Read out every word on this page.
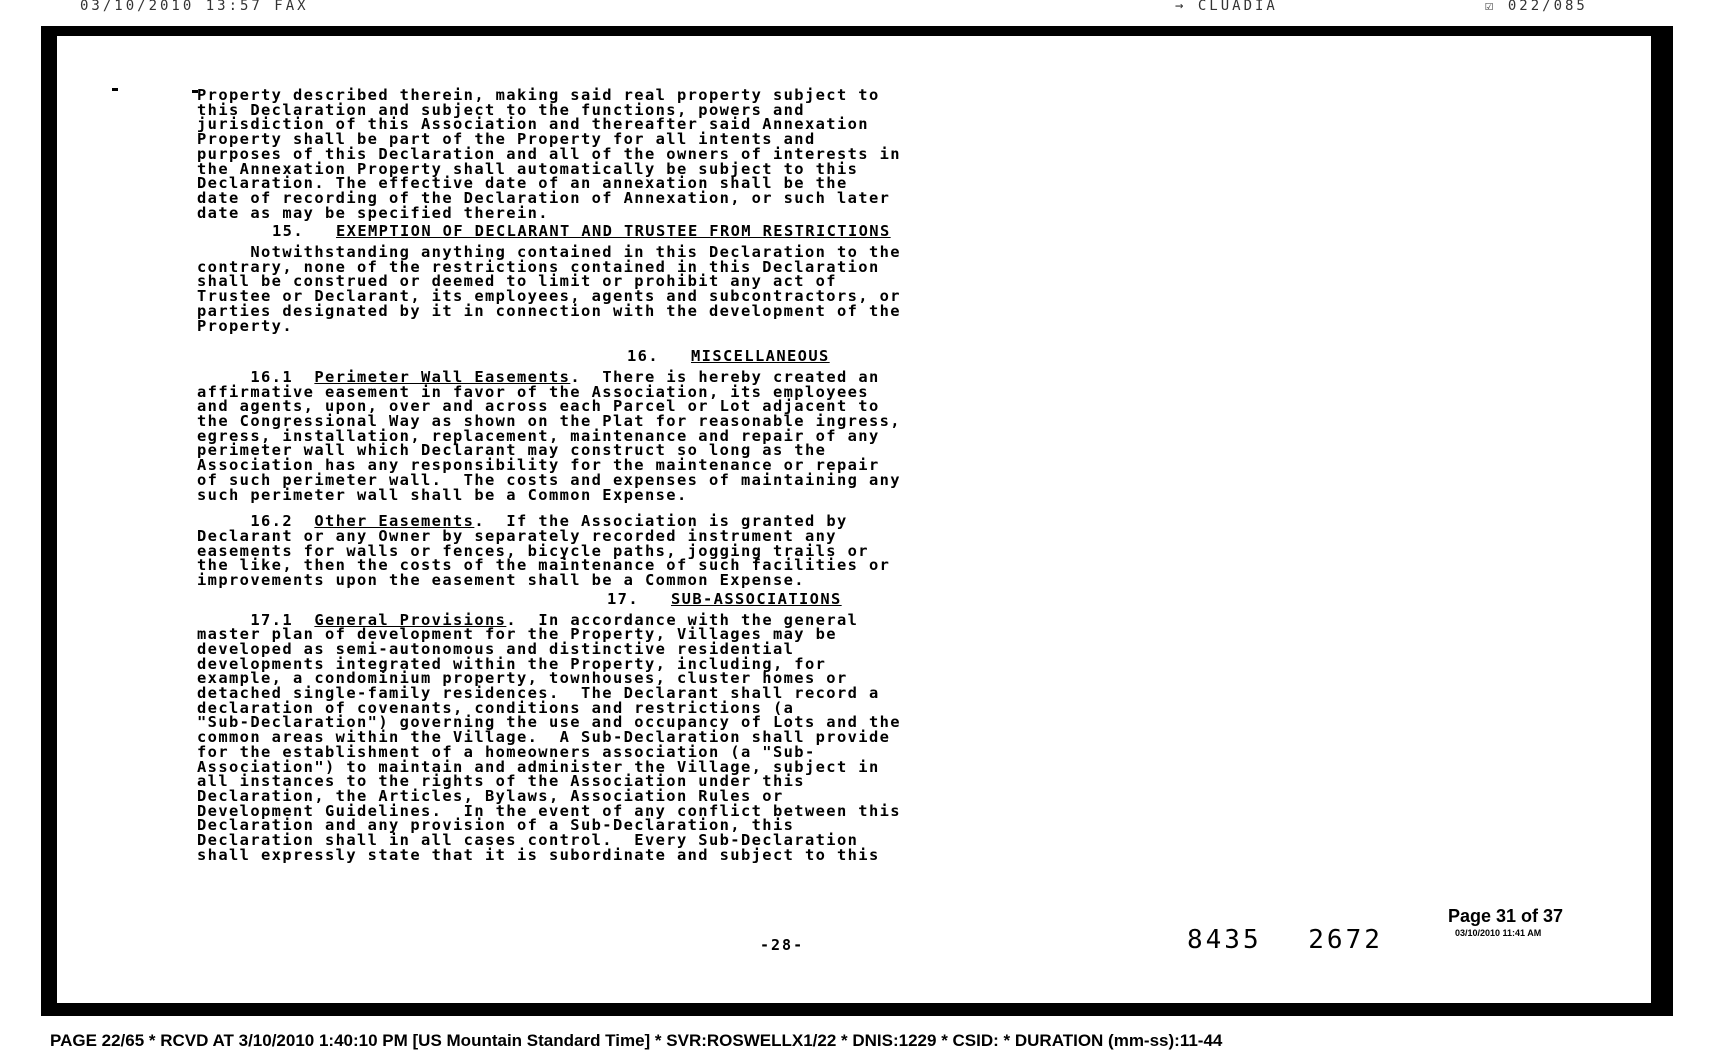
03/10/2010 13:57 FAX	→ CLUADIA	☑ 022/085

Property described therein, making said real property subject to

this Declaration and subject to the functions, powers and

jurisdiction of this Association and thereafter said Annexation

Property shall be part of the Property for all intents and

purposes of this Declaration and all of the owners of interests in

the Annexation Property shall automatically be subject to this

Declaration. The effective date of an annexation shall be the

date of recording of the Declaration of Annexation, or such later

date as may be specified therein.

15. EXEMPTION OF DECLARANT AND TRUSTEE FROM RESTRICTIONS

Notwithstanding anything contained in this Declaration to the

contrary, none of the restrictions contained in this Declaration

shall be construed or deemed to limit or prohibit any act of

Trustee or Declarant, its employees, agents and subcontractors, or

parties designated by it in connection with the development of the

Property.

16. MISCELLANEOUS

16.1 Perimeter Wall Easements.  There is hereby created an

affirmative easement in favor of the Association, its employees

and agents, upon, over and across each Parcel or Lot adjacent to

the Congressional Way as shown on the Plat for reasonable ingress,

egress, installation, replacement, maintenance and repair of any

perimeter wall which Declarant may construct so long as the

Association has any responsibility for the maintenance or repair

of such perimeter wall.  The costs and expenses of maintaining any

such perimeter wall shall be a Common Expense.

16.2 Other Easements.  If the Association is granted by

Declarant or any Owner by separately recorded instrument any

easements for walls or fences, bicycle paths, jogging trails or

the like, then the costs of the maintenance of such facilities or

improvements upon the easement shall be a Common Expense.

17. SUB-ASSOCIATIONS

17.1 General Provisions.  In accordance with the general

master plan of development for the Property, Villages may be

developed as semi-autonomous and distinctive residential

developments integrated within the Property, including, for

example, a condominium property, townhouses, cluster homes or

detached single-family residences.  The Declarant shall record a

declaration of covenants, conditions and restrictions (a

"Sub-Declaration") governing the use and occupancy of Lots and the

common areas within the Village.  A Sub-Declaration shall provide

for the establishment of a homeowners association (a "Sub-

Association") to maintain and administer the Village, subject in

all instances to the rights of the Association under this

Declaration, the Articles, Bylaws, Association Rules or

Development Guidelines.  In the event of any conflict between this

Declaration and any provision of a Sub-Declaration, this

Declaration shall in all cases control.  Every Sub-Declaration

shall expressly state that it is subordinate and subject to this

-28-	8435 2672
Page 31 of 37
03/10/2010 11:41 AM
PAGE 22/65 * RCVD AT 3/10/2010 1:40:10 PM [US Mountain Standard Time] * SVR:ROSWELLX1/22 * DNIS:1229 * CSID: * DURATION (mm-ss):11-44
